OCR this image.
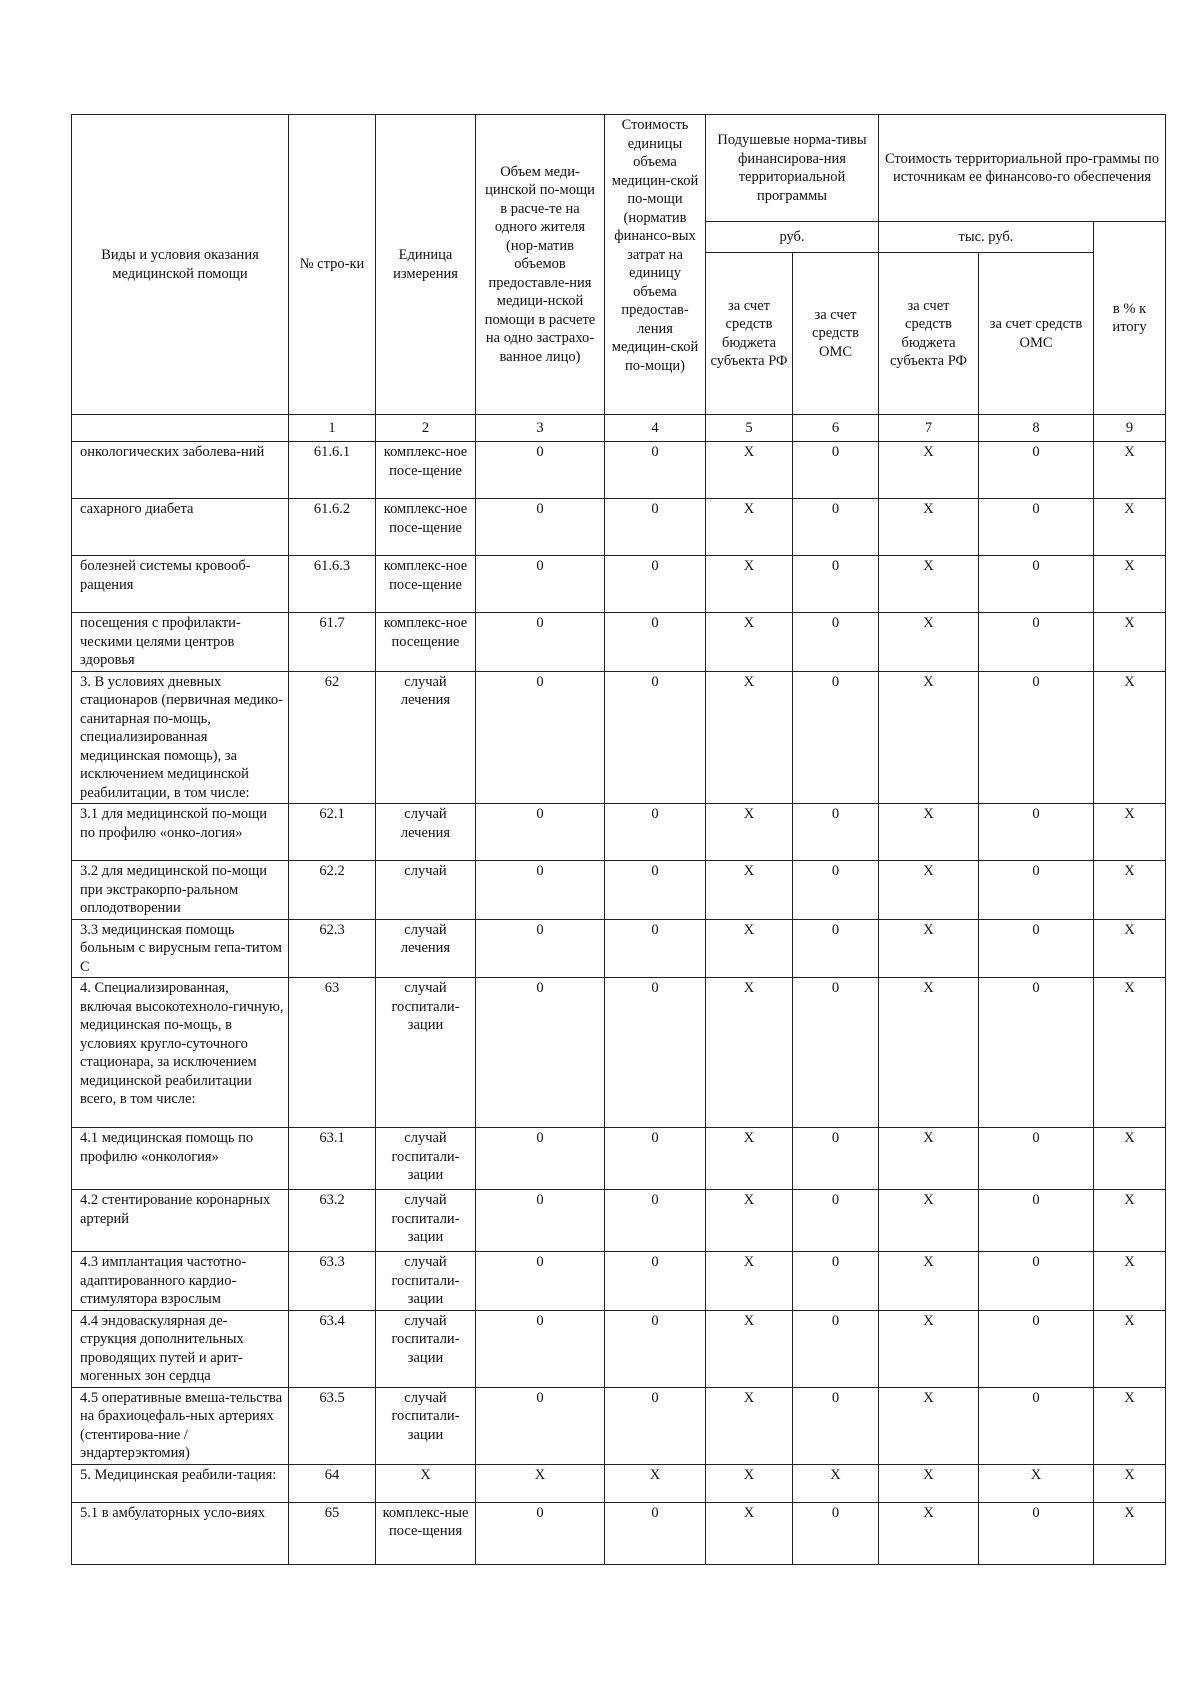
Виды и условия оказания медицинской помощи	№ стро-ки	Единица измерения	Объем меди-цинской по-мощи в расче-те на одного жителя (нор-матив объемов предоставле-ния медици-нской помощи в расчете на одно застрахо-ванное лицо)	Стоимость единицы объема медицин-ской по-мощи (норматив финансо-вых затрат на единицу объема предостав-ления медицин-ской по-мощи)	Подушевые норма-тивы финансирова-ния территориальной программы		Стоимость территориальной про-граммы по источникам ее финансово-го обеспечения		
					руб.		тыс. руб.		в % к итогу
					за счет средств бюджета субъекта РФ	за счет средств ОМС	за счет средств бюджета субъекта РФ	за счет средств ОМС	
	1	2	3	4	5	6	7	8	9
онкологических заболева-ний	61.6.1	комплекс-ное посе-щение	0	0	Х	0	Х	0	Х
сахарного диабета	61.6.2	комплекс-ное посе-щение	0	0	Х	0	Х	0	Х
болезней системы кровооб-ращения	61.6.3	комплекс-ное посе-щение	0	0	Х	0	Х	0	Х
посещения с профилакти-ческими целями центров здоровья	61.7	комплекс-ное посещение	0	0	Х	0	Х	0	Х
3. В условиях дневных стационаров (первичная медико-санитарная по-мощь, специализированная медицинская помощь), за исключением медицинской реабилитации, в том числе:	62	случай лечения	0	0	Х	0	Х	0	Х
3.1 для медицинской по-мощи по профилю «онко-логия»	62.1	случай лечения	0	0	Х	0	Х	0	Х
3.2 для медицинской по-мощи при экстракорпо-ральном оплодотворении	62.2	случай	0	0	Х	0	Х	0	Х
3.3 медицинская помощь больным с вирусным гепа-титом С	62.3	случай лечения	0	0	Х	0	Х	0	Х
4. Специализированная, включая высокотехноло-гичную, медицинская по-мощь, в условиях кругло-суточного стационара, за исключением медицинской реабилитации всего, в том числе:	63	случай госпитали-зации	0	0	Х	0	Х	0	Х
4.1 медицинская помощь по профилю «онкология»	63.1	случай госпитали-зации	0	0	Х	0	Х	0	Х
4.2 стентирование коронарных артерий	63.2	случай госпитали-зации	0	0	Х	0	Х	0	Х
4.3 имплантация частотно-адаптированного кардио-стимулятора взрослым	63.3	случай госпитали-зации	0	0	Х	0	Х	0	Х
4.4 эндоваскулярная де-струкция дополнительных проводящих путей и арит-могенных зон сердца	63.4	случай госпитали-зации	0	0	Х	0	Х	0	Х
4.5 оперативные вмеша-тельства на брахиоцефаль-ных артериях (стентирова-ние / эндартерэктомия)	63.5	случай госпитали-зации	0	0	Х	0	Х	0	Х
5. Медицинская реабили-тация:	64	Х	Х	Х	Х	Х	Х	Х	Х
5.1 в амбулаторных усло-виях	65	комплекс-ные посе-щения	0	0	Х	0	Х	0	Х
